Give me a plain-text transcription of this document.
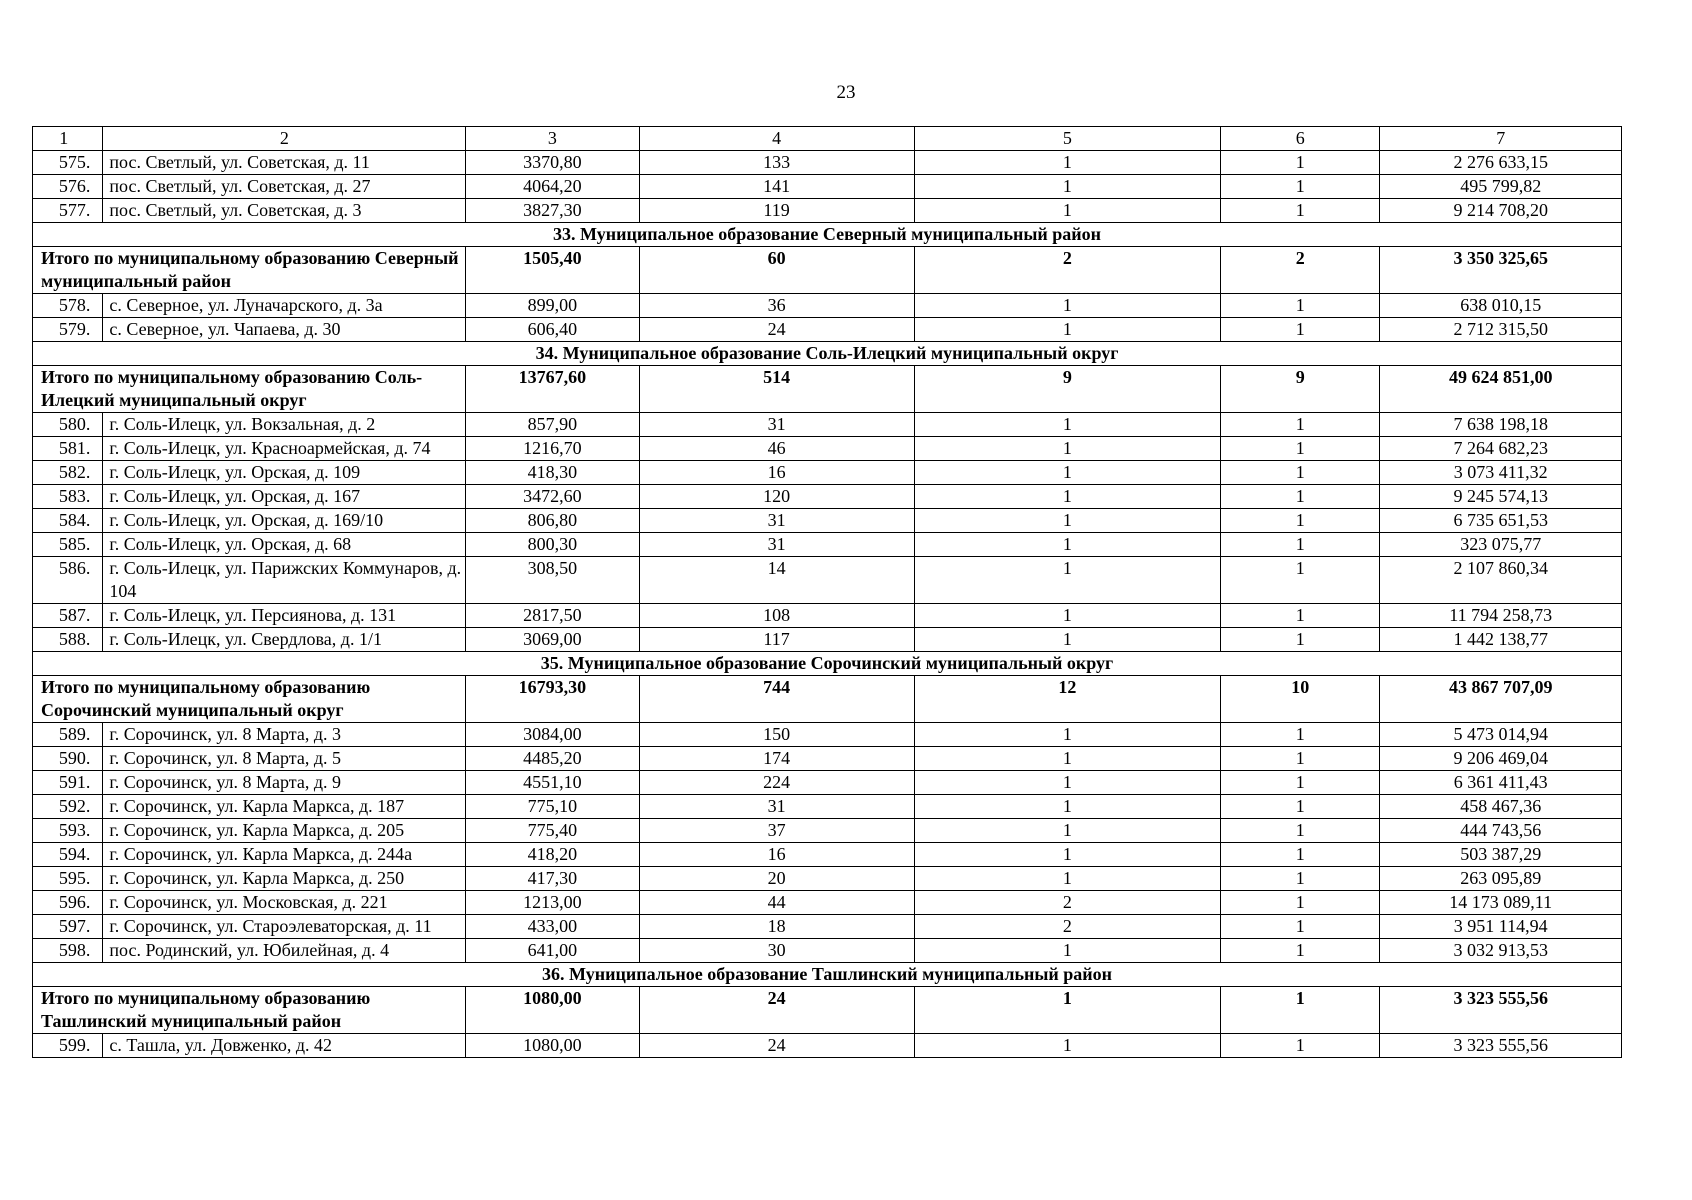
23
1	2	3	4	5	6	7
575.	пос. Светлый, ул. Советская, д. 11	3370,80	133	1	1	2 276 633,15
576.	пос. Светлый, ул. Советская, д. 27	4064,20	141	1	1	495 799,82
577.	пос. Светлый, ул. Советская, д. 3	3827,30	119	1	1	9 214 708,20
33. Муниципальное образование Северный муниципальный район						
Итого по муниципальному образованию Северный муниципальный район		1505,40	60	2	2	3 350 325,65
578.	с. Северное, ул. Луначарского, д. 3а	899,00	36	1	1	638 010,15
579.	с. Северное, ул. Чапаева, д. 30	606,40	24	1	1	2 712 315,50
34. Муниципальное образование Соль-Илецкий муниципальный округ						
Итого по муниципальному образованию Соль-Илецкий муниципальный округ		13767,60	514	9	9	49 624 851,00
580.	г. Соль-Илецк, ул. Вокзальная, д. 2	857,90	31	1	1	7 638 198,18
581.	г. Соль-Илецк, ул. Красноармейская, д. 74	1216,70	46	1	1	7 264 682,23
582.	г. Соль-Илецк, ул. Орская, д. 109	418,30	16	1	1	3 073 411,32
583.	г. Соль-Илецк, ул. Орская, д. 167	3472,60	120	1	1	9 245 574,13
584.	г. Соль-Илецк, ул. Орская, д. 169/10	806,80	31	1	1	6 735 651,53
585.	г. Соль-Илецк, ул. Орская, д. 68	800,30	31	1	1	323 075,77
586.	г. Соль-Илецк, ул. Парижских Коммунаров, д. 104	308,50	14	1	1	2 107 860,34
587.	г. Соль-Илецк, ул. Персиянова, д. 131	2817,50	108	1	1	11 794 258,73
588.	г. Соль-Илецк, ул. Свердлова, д. 1/1	3069,00	117	1	1	1 442 138,77
35. Муниципальное образование Сорочинский муниципальный округ						
Итого по муниципальному образованию Сорочинский муниципальный округ		16793,30	744	12	10	43 867 707,09
589.	г. Сорочинск, ул. 8 Марта, д. 3	3084,00	150	1	1	5 473 014,94
590.	г. Сорочинск, ул. 8 Марта, д. 5	4485,20	174	1	1	9 206 469,04
591.	г. Сорочинск, ул. 8 Марта, д. 9	4551,10	224	1	1	6 361 411,43
592.	г. Сорочинск, ул. Карла Маркса, д. 187	775,10	31	1	1	458 467,36
593.	г. Сорочинск, ул. Карла Маркса, д. 205	775,40	37	1	1	444 743,56
594.	г. Сорочинск, ул. Карла Маркса, д. 244а	418,20	16	1	1	503 387,29
595.	г. Сорочинск, ул. Карла Маркса, д. 250	417,30	20	1	1	263 095,89
596.	г. Сорочинск, ул. Московская, д. 221	1213,00	44	2	1	14 173 089,11
597.	г. Сорочинск, ул. Староэлеваторская, д. 11	433,00	18	2	1	3 951 114,94
598.	пос. Родинский, ул. Юбилейная, д. 4	641,00	30	1	1	3 032 913,53
36. Муниципальное образование Ташлинский муниципальный район						
Итого по муниципальному образованию Ташлинский муниципальный район		1080,00	24	1	1	3 323 555,56
599.	с. Ташла, ул. Довженко, д. 42	1080,00	24	1	1	3 323 555,56
